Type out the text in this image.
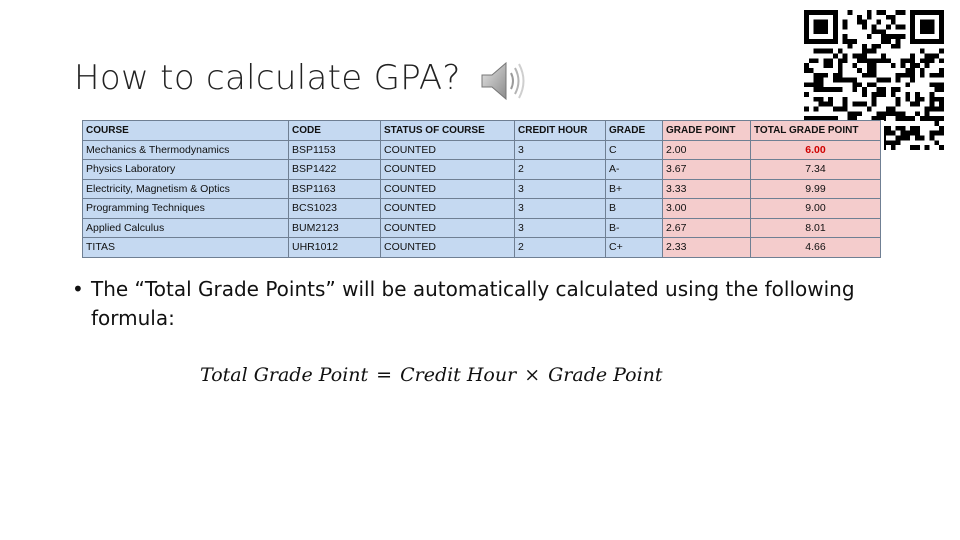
How to calculate GPA?
COURSE	CODE	STATUS OF COURSE	CREDIT HOUR	GRADE	GRADE POINT	TOTAL GRADE POINT
Mechanics & Thermodynamics	BSP1153	COUNTED	3	C	2.00	6.00
Physics Laboratory	BSP1422	COUNTED	2	A-	3.67	7.34
Electricity, Magnetism & Optics	BSP1163	COUNTED	3	B+	3.33	9.99
Programming Techniques	BCS1023	COUNTED	3	B	3.00	9.00
Applied Calculus	BUM2123	COUNTED	3	B-	2.67	8.01
TITAS	UHR1012	COUNTED	2	C+	2.33	4.66
• The “Total Grade Points” will be automatically calculated using the following formula:
Total Grade Point = Credit Hour × Grade Point
